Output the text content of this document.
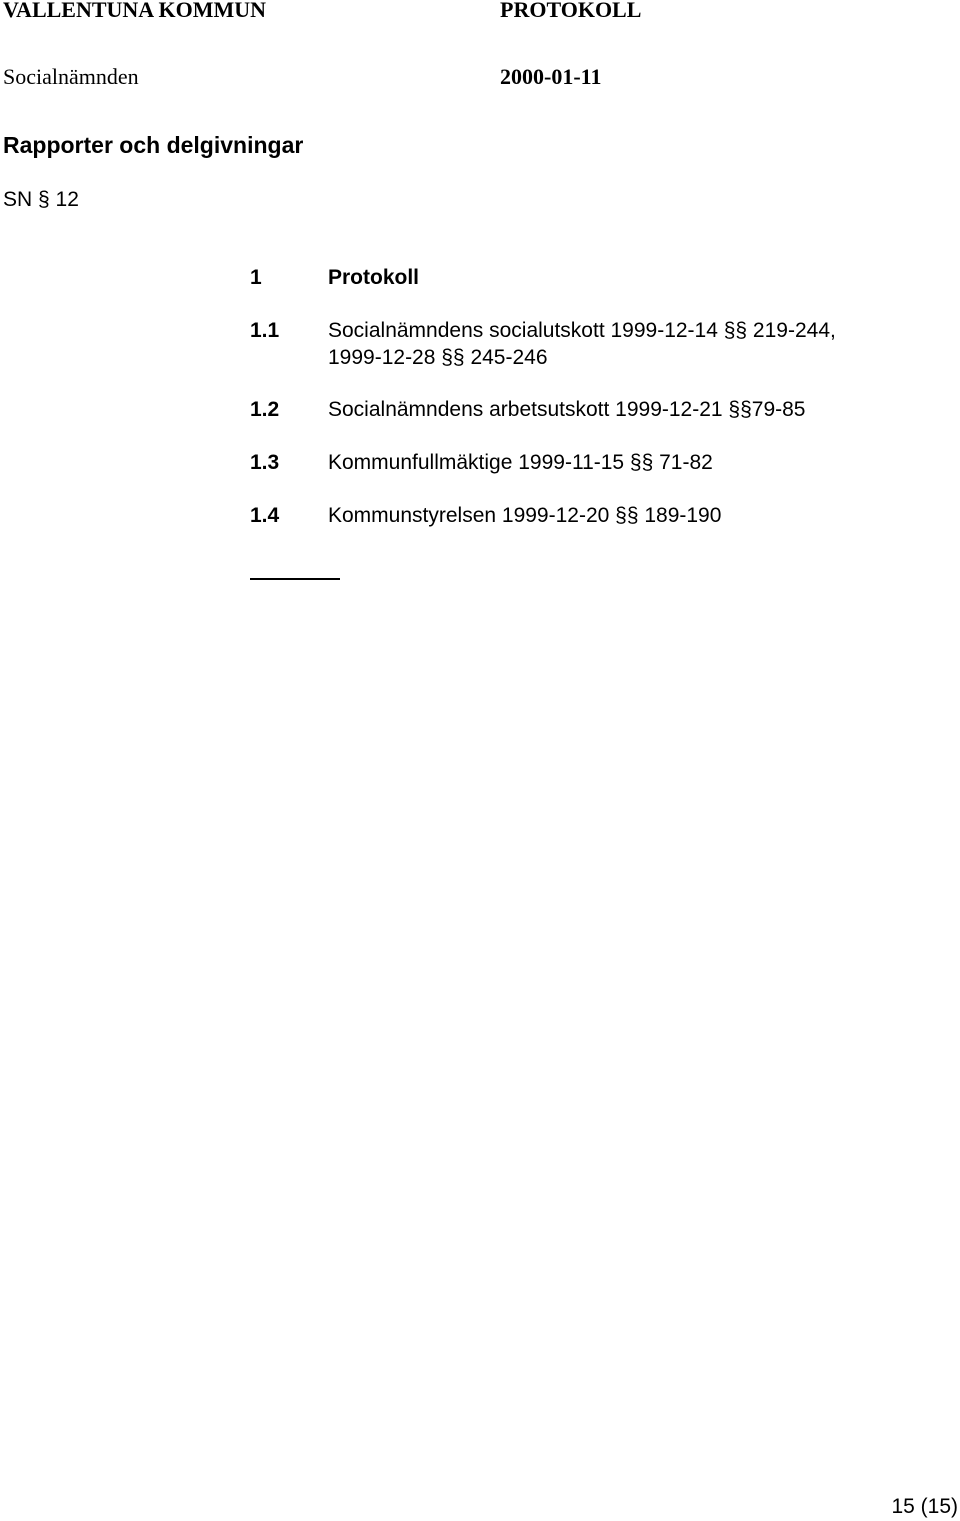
VALLENTUNA KOMMUN	PROTOKOLL
Socialnämnden	2000-01-11
Rapporter och delgivningar
SN § 12
1	Protokoll
1.1 Socialnämndens socialutskott 1999-12-14 §§ 219-244,
1999-12-28 §§ 245-246
1.2 Socialnämndens arbetsutskott 1999-12-21 §§79-85
1.3 Kommunfullmäktige 1999-11-15 §§ 71-82
1.4 Kommunstyrelsen 1999-12-20 §§ 189-190
15 (15)
